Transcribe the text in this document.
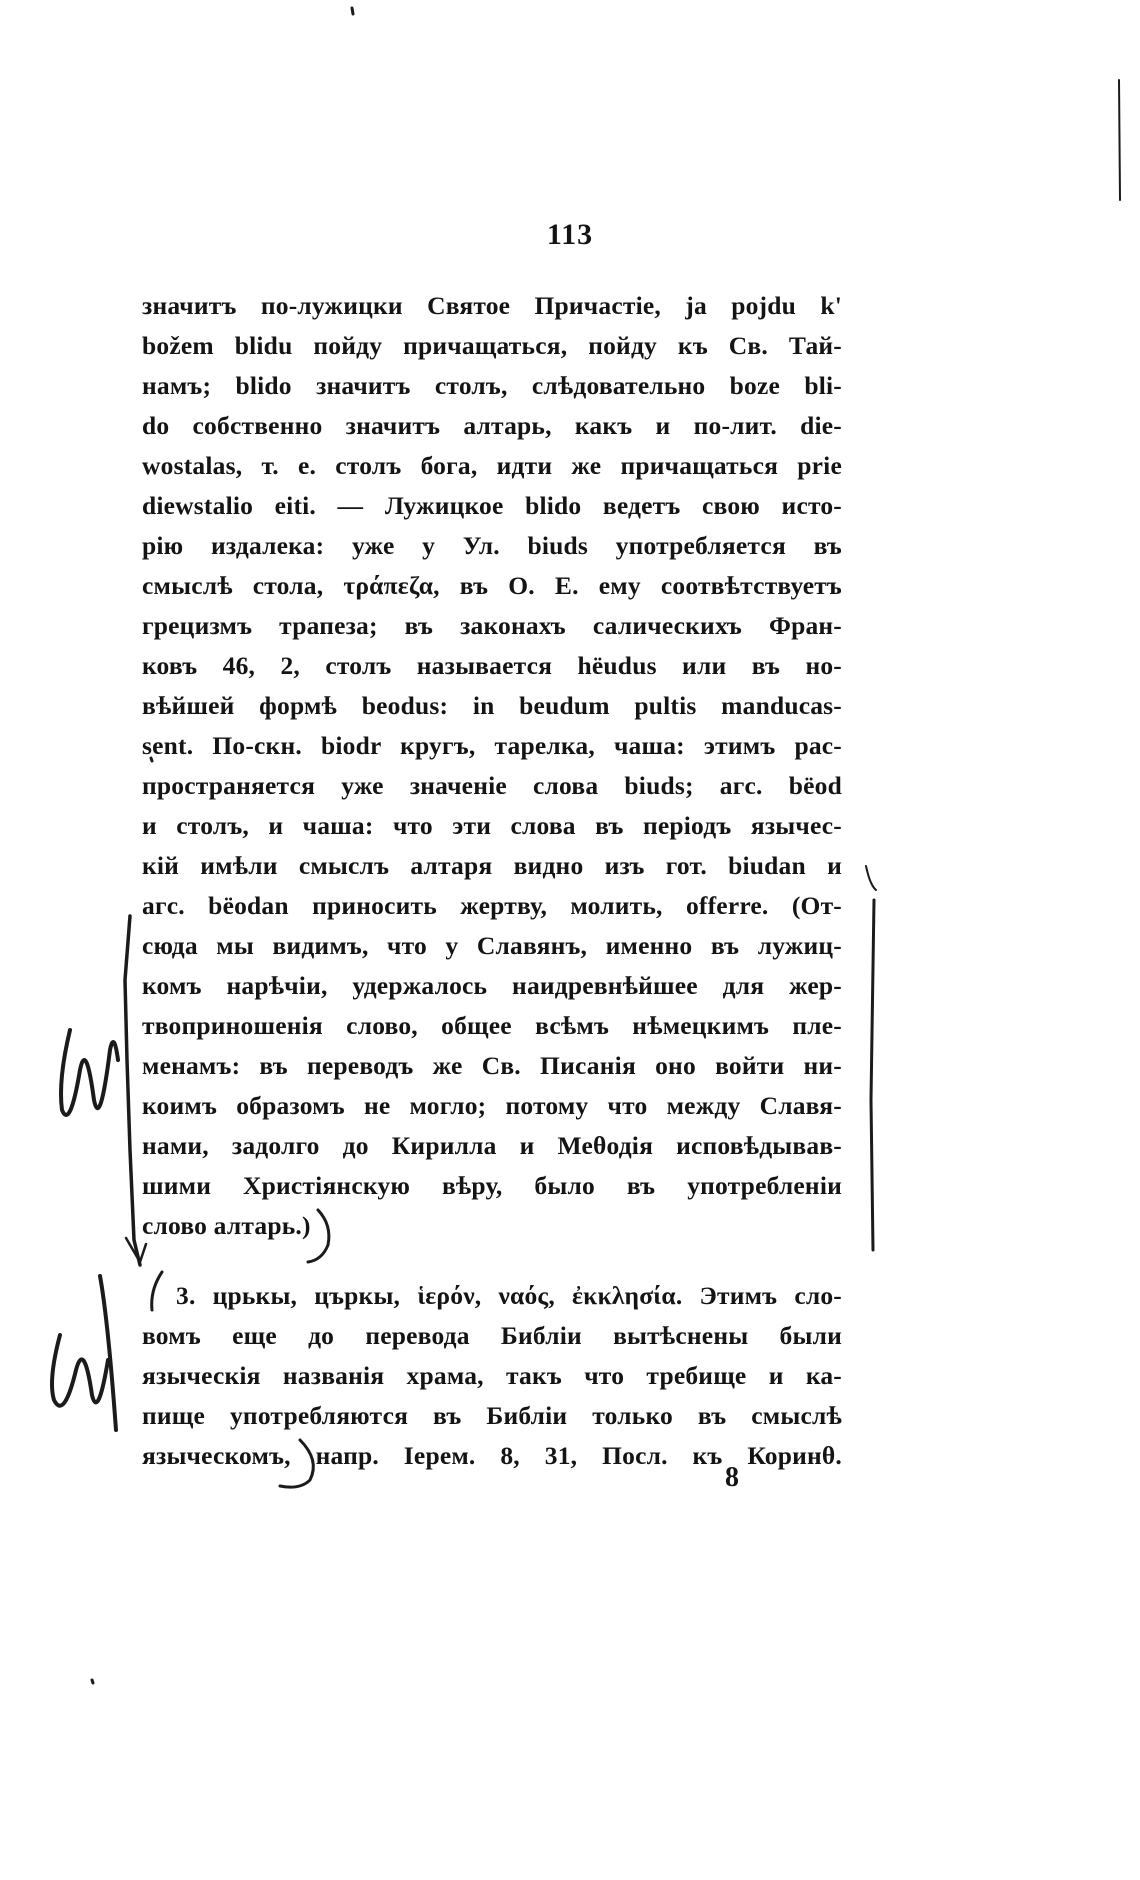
113
значитъ по-лужицки Святое Причастie, ja pojdu k'
božem blidu пойду причащаться, пойду къ Св. Тай-
намъ; blido значитъ столъ, слѣдовательно boze bli-
do собственно значитъ алтарь, какъ и по-лит. die-
wostalas, т. е. столъ бога, идти же причащаться prie
diewstalio eiti. — Лужицкое blido ведетъ свою исто-
рiю издалека: уже у Ул. biuds употребляется въ
смыслѣ стола, τράπεζα, въ О. Е. ему соотвѣтствуетъ
грецизмъ трапеза; въ законахъ салическихъ Фран-
ковъ 46, 2, столъ называется hëudus или въ но-
вѣйшей формѣ beodus: in beudum pultis manducas-
sent. По-скн. biodr кругъ, тарелка, чаша: этимъ рас-
пространяется уже значенie слова biuds; агс. bëod
и столъ, и чаша: что эти слова въ перiодъ язычес-
кiй имѣли смыслъ алтаря видно изъ гот. biudan и
агс. bëodan приносить жертву, молить, offerre. (От-
сюда мы видимъ, что у Славянъ, именно въ лужиц-
комъ нарѣчiи, удержалось наидревнѣйшее для жер-
твоприношенiя слово, общее всѣмъ нѣмецкимъ пле-
менамъ: въ переводъ же Св. Писанiя оно войти ни-
коимъ образомъ не могло; потому что между Славя-
нами, задолго до Кирилла и Меθодiя исповѣдывав-
шими Христiянскую вѣру, было въ употребленiи
слово алтарь.)
3. црькы, църкы, ἱερόν, ναός, ἐκκλησία. Этимъ сло-
вомъ еще до перевода Библiи вытѣснены были
языческiя названiя храма, такъ что требище и ка-
пище употребляются въ Библiи только въ смыслѣ
языческомъ, напр. Iерем. 8, 31, Посл. къ Коринθ.
8
